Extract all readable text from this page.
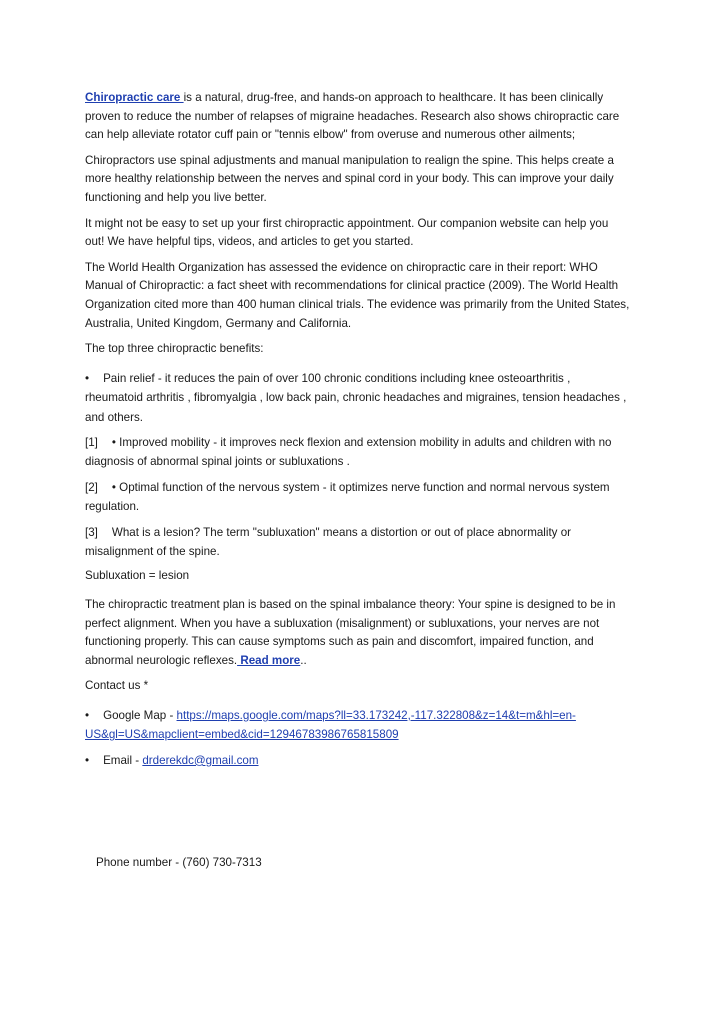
Chiropractic care is a natural, drug-free, and hands-on approach to healthcare. It has been clinically proven to reduce the number of relapses of migraine headaches. Research also shows chiropractic care can help alleviate rotator cuff pain or "tennis elbow" from overuse and numerous other ailments;

Chiropractors use spinal adjustments and manual manipulation to realign the spine. This helps create a more healthy relationship between the nerves and spinal cord in your body. This can improve your daily functioning and help you live better.

It might not be easy to set up your first chiropractic appointment. Our companion website can help you out! We have helpful tips, videos, and articles to get you started.

The World Health Organization has assessed the evidence on chiropractic care in their report: WHO Manual of Chiropractic: a fact sheet with recommendations for clinical practice (2009). The World Health Organization cited more than 400 human clinical trials. The evidence was primarily from the United States, Australia, United Kingdom, Germany and California.

The top three chiropractic benefits:

• Pain relief - it reduces the pain of over 100 chronic conditions including knee osteoarthritis , rheumatoid arthritis , fibromyalgia , low back pain, chronic headaches and migraines, tension headaches , and others.

[1] • Improved mobility - it improves neck flexion and extension mobility in adults and children with no diagnosis of abnormal spinal joints or subluxations .

[2] • Optimal function of the nervous system - it optimizes nerve function and normal nervous system regulation.

[3] What is a lesion? The term "subluxation" means a distortion or out of place abnormality or misalignment of the spine.

Subluxation = lesion

The chiropractic treatment plan is based on the spinal imbalance theory: Your spine is designed to be in perfect alignment. When you have a subluxation (misalignment) or subluxations, your nerves are not functioning properly. This can cause symptoms such as pain and discomfort, impaired function, and abnormal neurologic reflexes. Read more..

Contact us *

• Google Map - https://maps.google.com/maps?ll=33.173242,-117.322808&z=14&t=m&hl=en-US&gl=US&mapclient=embed&cid=12946783986765815809

• Email - drderekdc@gmail.com

Phone number - (760) 730-7313
